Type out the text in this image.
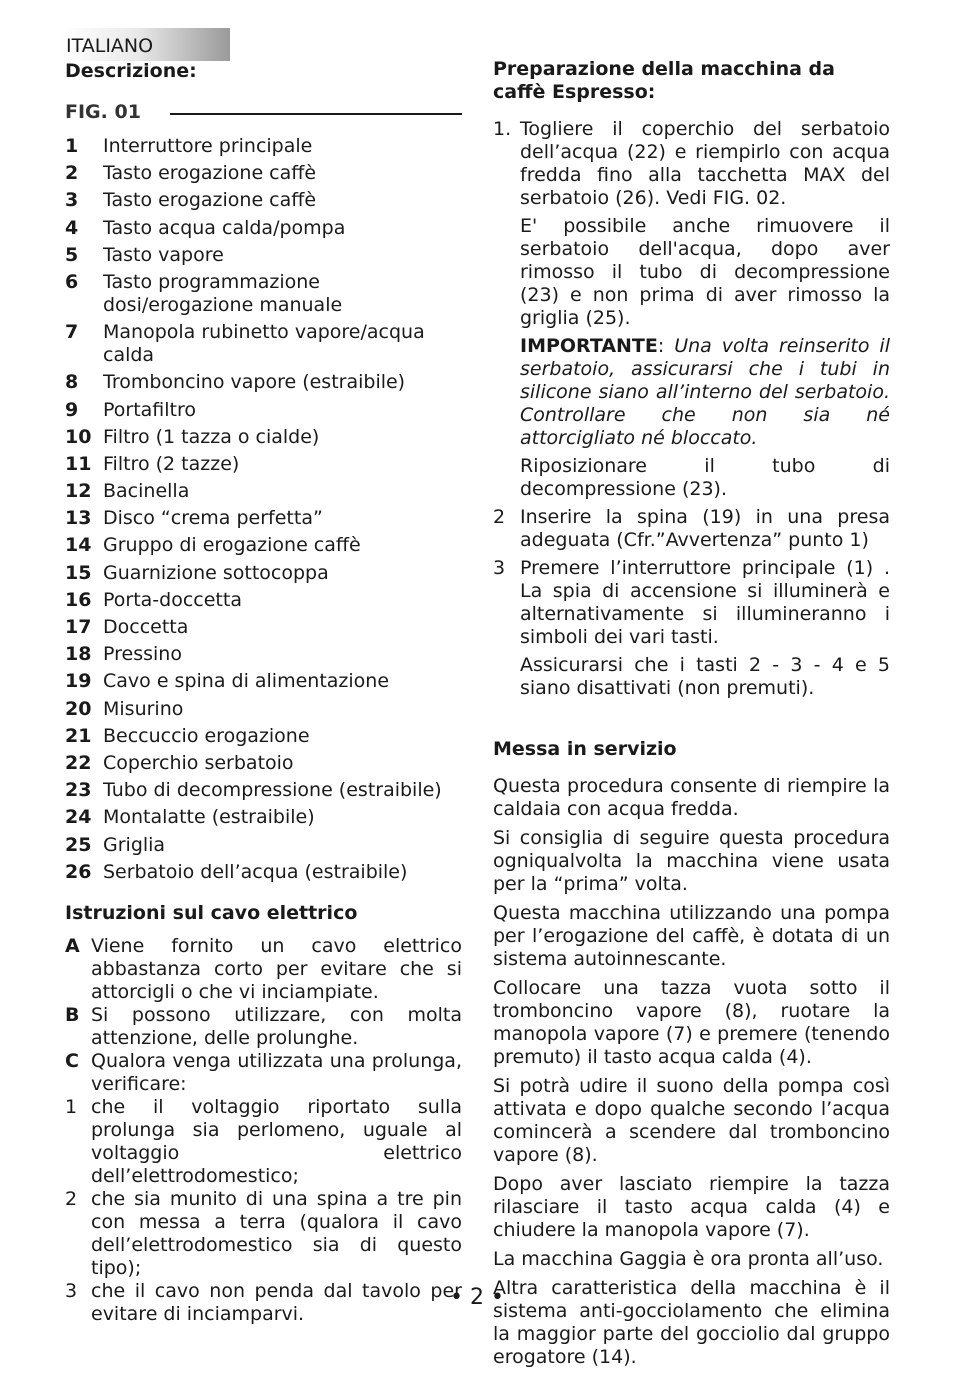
ITALIANO
Descrizione:
FIG. 01
1	Interruttore principale
2	Tasto erogazione caffè
3	Tasto erogazione caffè
4	Tasto acqua calda/pompa
5	Tasto vapore
6	Tasto programmazione dosi/erogazione manuale
7	Manopola rubinetto vapore/acqua calda
8	Tromboncino vapore (estraibile)
9	Portafiltro
10 Filtro (1 tazza o cialde)
11 Filtro (2 tazze)
12 Bacinella
13 Disco “crema perfetta”
14 Gruppo di erogazione caffè
15 Guarnizione sottocoppa
16 Porta-doccetta
17 Doccetta
18 Pressino
19 Cavo e spina di alimentazione
20 Misurino
21 Beccuccio erogazione
22 Coperchio serbatoio
23 Tubo di decompressione (estraibile)
24 Montalatte (estraibile)
25 Griglia
26 Serbatoio dell’acqua (estraibile)
Istruzioni sul cavo elettrico
A Viene fornito un cavo elettrico abbastanza corto per evitare che si attorcigli o che vi inciampiate.
B Si possono utilizzare, con molta attenzione, delle prolunghe.
C Qualora venga utilizzata una prolunga, verificare:
1 che il voltaggio riportato sulla prolunga sia perlomeno, uguale al voltaggio elettrico dell’elettrodomestico;
2 che sia munito di una spina a tre pin con messa a terra (qualora il cavo dell’elettrodomestico sia di questo tipo);
3 che il cavo non penda dal tavolo per evitare di inciamparvi.
Preparazione della macchina da caffè Espresso:
1. Togliere il coperchio del serbatoio dell’acqua (22) e riempirlo con acqua fredda fino alla tacchetta MAX del serbatoio (26). Vedi FIG. 02.
E' possibile anche rimuovere il serbatoio dell'acqua, dopo aver rimosso il tubo di decompressione (23) e non prima di aver rimosso la griglia (25).
IMPORTANTE: Una volta reinserito il serbatoio, assicurarsi che i tubi in silicone siano all’interno del serbatoio. Controllare che non sia né attorcigliato né bloccato.
Riposizionare il tubo di decompressione (23).
2 Inserire la spina (19) in una presa adeguata (Cfr.”Avvertenza” punto 1)
3 Premere l’interruttore principale (1) . La spia di accensione si illuminerà e alternativamente si illumineranno i simboli dei vari tasti.
Assicurarsi che i tasti 2 - 3 - 4 e 5 siano disattivati (non premuti).
Messa in servizio
Questa procedura consente di riempire la caldaia con acqua fredda.
Si consiglia di seguire questa procedura ogniqualvolta la macchina viene usata per la “prima” volta.
Questa macchina utilizzando una pompa per l’erogazione del caffè, è dotata di un sistema autoinnescante.
Collocare una tazza vuota sotto il tromboncino vapore (8), ruotare la manopola vapore (7) e premere (tenendo premuto) il tasto acqua calda (4).
Si potrà udire il suono della pompa così attivata e dopo qualche secondo l’acqua comincerà a scendere dal tromboncino vapore (8).
Dopo aver lasciato riempire la tazza rilasciare il tasto acqua calda (4) e chiudere la manopola vapore (7).
La macchina Gaggia è ora pronta all’uso.
Altra caratteristica della macchina è il sistema anti-gocciolamento che elimina la maggior parte del gocciolio dal gruppo erogatore (14).
• 2 •
